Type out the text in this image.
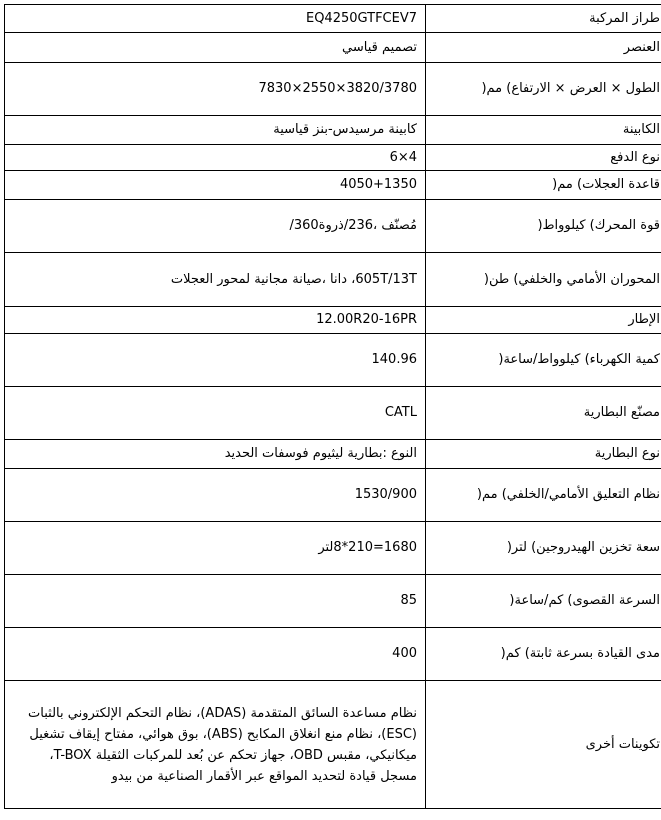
EQ4250GTFCEV7	طراز المركبة
تصميم قياسي	العنصر

7830×2550×3820/3780	الطول × العرض × الارتفاع) مم(
كابينة مرسيدس-بنز قياسية	الكابينة

6×4	نوع الدفع

4050+1350	قاعدة العجلات) مم(
مُصنّف ،236/ذروة360/	قوة المحرك) كيلوواط(
605T/13T، دانا ،صيانة مجانية لمحور العجلات	المحوران الأمامي والخلفي) طن(

12.00R20-16PR	الإطار

140.96	كمية الكهرباء) كيلوواط/ساعة(

CATL	مصنّع البطارية
النوع :بطارية ليثيوم فوسفات الحديد	نوع البطارية

1530/900	نظام التعليق الأمامي/الخلفي) مم(
1680=210*8لتر	سعة تخزين الهيدروجين) لتر(

85	السرعة القصوى) كم/ساعة(

400	مدى القيادة بسرعة ثابتة) كم(
نظام مساعدة السائق المتقدمة (ADAS)، نظام التحكم الإلكتروني بالثبات (ESC)، نظام منع انغلاق المكابح (ABS)، بوق هوائي، مفتاح إيقاف تشغيل ميكانيكي، مقبس OBD، جهاز تحكم عن بُعد للمركبات الثقيلة T-BOX، مسجل قيادة لتحديد المواقع عبر الأقمار الصناعية من بيدو	تكوينات أخرى
